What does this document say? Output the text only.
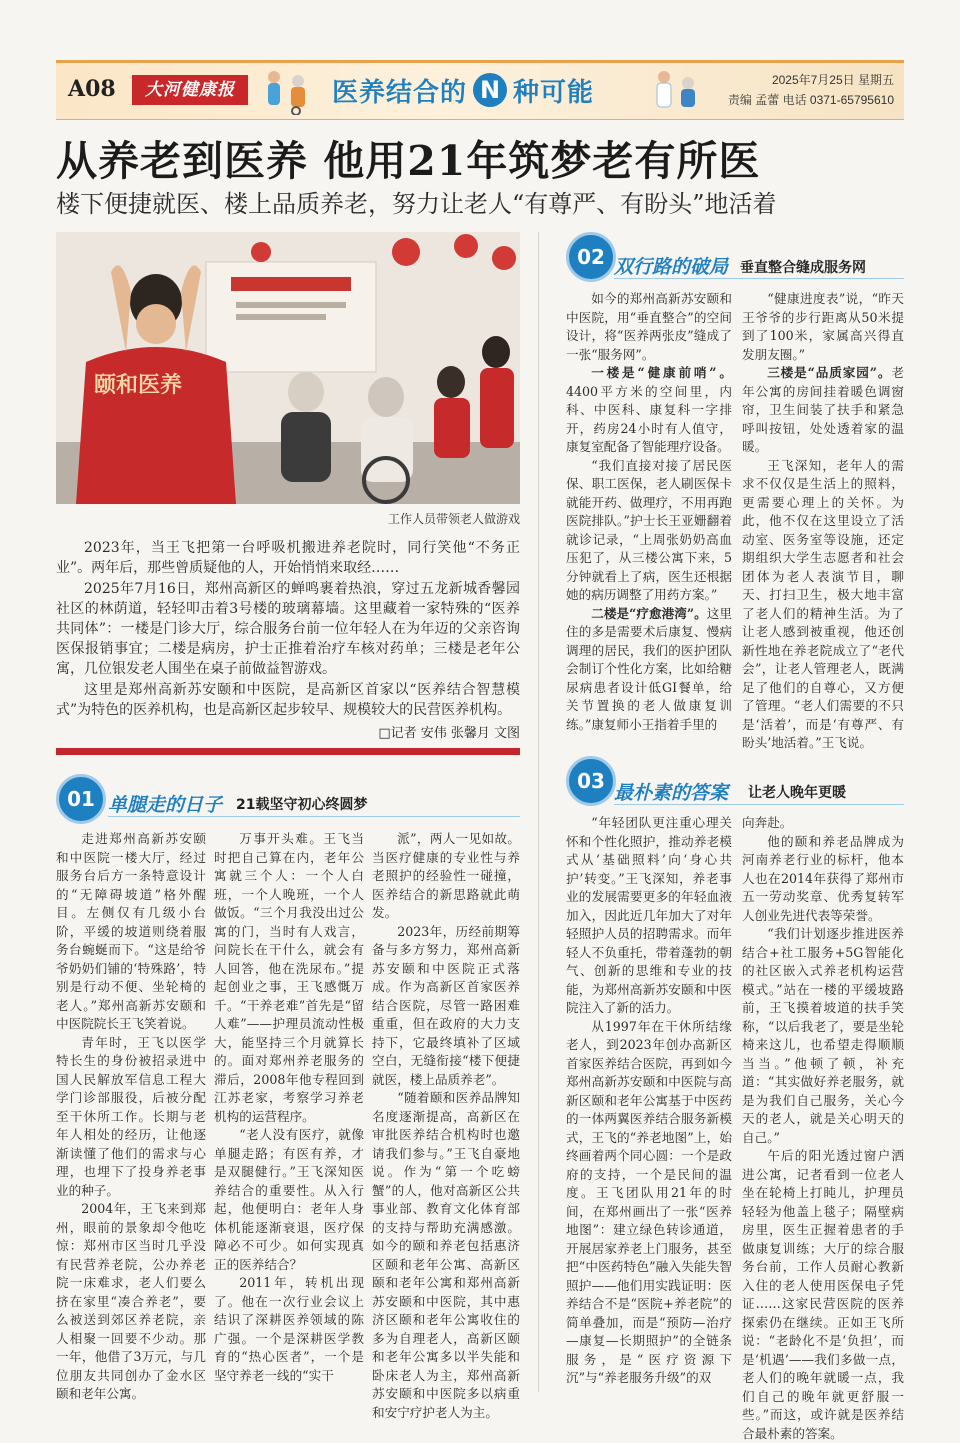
A08	大河健康报	医养结合的 N 种可能	2025年7月25日 星期五
责编 孟蕾 电话 0371-65795610
从养老到医养 他用21年筑梦老有所医
楼下便捷就医、楼上品质养老，努力让老人“有尊严、有盼头”地活着
颐和医养
工作人员带领老人做游戏

2023年，当王飞把第一台呼吸机搬进养老院时，同行笑他“不务正业”。两年后，那些曾质疑他的人，开始悄悄来取经……

2025年7月16日，郑州高新区的蝉鸣裹着热浪，穿过五龙新城香馨园社区的林荫道，轻轻叩击着3号楼的玻璃幕墙。这里藏着一家特殊的“医养共同体”：一楼是门诊大厅，综合服务台前一位年轻人在为年迈的父亲咨询医保报销事宜；二楼是病房，护士正推着治疗车核对药单；三楼是老年公寓，几位银发老人围坐在桌子前做益智游戏。

这里是郑州高新苏安颐和中医院，是高新区首家以“医养结合智慧模式”为特色的医养机构，也是高新区起步较早、规模较大的民营医养机构。

□记者 安伟 张馨月 文图
01 单腿走的日子 21载坚守初心终圆梦

走进郑州高新苏安颐和中医院一楼大厅，经过服务台后方一条特意设计的“无障碍坡道”格外醒目。左侧仅有几级小台阶，平缓的坡道则绕着服务台蜿蜒而下。“这是给爷爷奶奶们铺的‘特殊路’，特别是行动不便、坐轮椅的老人。”郑州高新苏安颐和中医院院长王飞笑着说。

青年时，王飞以医学特长生的身份被招录进中国人民解放军信息工程大学门诊部服役，后被分配至干休所工作。长期与老年人相处的经历，让他逐渐读懂了他们的需求与心理，也埋下了投身养老事业的种子。

2004年，王飞来到郑州，眼前的景象却令他吃惊：郑州市区当时几乎没有民营养老院，公办养老院一床难求，老人们要么挤在家里“凑合养老”，要么被送到郊区养老院，亲人相聚一回要不少动。那一年，他借了3万元，与几位朋友共同创办了金水区颐和老年公寓。

万事开头难。王飞当时把自己算在内，老年公寓就三个人：一个人白班，一个人晚班，一个人做饭。“三个月我没出过公寓的门，当时有人戏言，问院长在干什么，就会有人回答，他在洗尿布。”提起创业之事，王飞感慨万千。“干养老难”首先是“留人难”——护理员流动性极大，能坚持三个月就算长的。面对郑州养老服务的滞后，2008年他专程回到江苏老家，考察学习养老机构的运营程序。

“老人没有医疗，就像单腿走路；有医有养，才是双腿健行。”王飞深知医养结合的重要性。从入行起，他便明白：老年人身体机能逐渐衰退，医疗保障必不可少。如何实现真正的医养结合？

2011年，转机出现了。他在一次行业会议上结识了深耕医养领域的陈广强。一个是深耕医学教育的“热心医者”，一个是坚守养老一线的“实干

派”，两人一见如故。当医疗健康的专业性与养老照护的经验性一碰撞，医养结合的新思路就此萌发。

2023年，历经前期筹备与多方努力，郑州高新苏安颐和中医院正式落成。作为高新区首家医养结合医院，尽管一路困难重重，但在政府的大力支持下，它最终填补了区域空白，无缝衔接“楼下便捷就医，楼上品质养老”。

“随着颐和医养品牌知名度逐渐提高，高新区在审批医养结合机构时也邀请我们参与。”王飞自豪地说。作为“第一个吃螃蟹”的人，他对高新区公共事业部、教育文化体育部的支持与帮助充满感激。如今的颐和养老包括惠济区颐和老年公寓、高新区颐和老年公寓和郑州高新苏安颐和中医院，其中惠济区颐和老年公寓收住的多为自理老人，高新区颐和老年公寓多以半失能和卧床老人为主，郑州高新苏安颐和中医院多以病重和安宁疗护老人为主。

02 双行路的破局 垂直整合缝成服务网

如今的郑州高新苏安颐和中医院，用“垂直整合”的空间设计，将“医养两张皮”缝成了一张“服务网”。

一楼是“健康前哨”。4400平方米的空间里，内科、中医科、康复科一字排开，药房24小时有人值守，康复室配备了智能理疗设备。

“我们直接对接了居民医保、职工医保，老人刷医保卡就能开药、做理疗，不用再跑医院排队。”护士长王亚姗翻着就诊记录，“上周张奶奶高血压犯了，从三楼公寓下来，5分钟就看上了病，医生还根据她的病历调整了用药方案。”

二楼是“疗愈港湾”。这里住的多是需要术后康复、慢病调理的居民，我们的医护团队会制订个性化方案，比如给糖尿病患者设计低GI餐单，给关节置换的老人做康复训练。”康复师小王指着手里的

“健康进度表”说，“昨天王爷爷的步行距离从50米提到了100米，家属高兴得直发朋友圈。”

三楼是“品质家园”。老年公寓的房间挂着暖色调窗帘，卫生间装了扶手和紧急呼叫按钮，处处透着家的温暖。

王飞深知，老年人的需求不仅仅是生活上的照料，更需要心理上的关怀。为此，他不仅在这里设立了活动室、医务室等设施，还定期组织大学生志愿者和社会团体为老人表演节目，聊天、打扫卫生，极大地丰富了老人们的精神生活。为了让老人感到被重视，他还创新性地在养老院成立了“老代会”，让老人管理老人，既满足了他们的自尊心，又方便了管理。“老人们需要的不只是‘活着’，而是‘有尊严、有盼头’地活着。”王飞说。

03 最朴素的答案 让老人晚年更暖

“年轻团队更注重心理关怀和个性化照护，推动养老模式从‘基础照料’向‘身心共护’转变。”王飞深知，养老事业的发展需要更多的年轻血液加入，因此近几年加大了对年轻照护人员的招聘需求。而年轻人不负重托，带着蓬勃的朝气、创新的思维和专业的技能，为郑州高新苏安颐和中医院注入了新的活力。

从1997年在干休所结缘老人，到2023年创办高新区首家医养结合医院，再到如今郑州高新苏安颐和中医院与高新区颐和老年公寓基于中医药的一体两翼医养结合服务新模式，王飞的“养老地图”上，始终画着两个同心圆：一个是政府的支持，一个是民间的温度。王飞团队用21年的时间，在郑州画出了一张“医养地图”：建立绿色转诊通道，开展居家养老上门服务，甚至把“中医药特色”融入失能失智照护——他们用实践证明：医养结合不是“医院+养老院”的简单叠加，而是“预防—治疗—康复—长期照护”的全链条服务，是“医疗资源下沉”与“养老服务升级”的双

向奔赴。

他的颐和养老品牌成为河南养老行业的标杆，他本人也在2014年获得了郑州市五一劳动奖章、优秀复转军人创业先进代表等荣誉。

“我们计划逐步推进医养结合+社工服务+5G智能化的社区嵌入式养老机构运营模式。”站在一楼的平缓坡路前，王飞摸着坡道的扶手笑称，“以后我老了，要是坐轮椅来这儿，也希望走得顺顺当当。”他顿了顿，补充道：“其实做好养老服务，就是为我们自己服务，关心今天的老人，就是关心明天的自己。”

午后的阳光透过窗户洒进公寓，记者看到一位老人坐在轮椅上打盹儿，护理员轻轻为他盖上毯子；隔壁病房里，医生正握着患者的手做康复训练；大厅的综合服务台前，工作人员耐心教新入住的老人使用医保电子凭证……这家民营医院的医养探索仍在继续。正如王飞所说：“老龄化不是‘负担’，而是‘机遇’——我们多做一点，老人们的晚年就暖一点，我们自己的晚年就更舒服一些。”而这，或许就是医养结合最朴素的答案。
